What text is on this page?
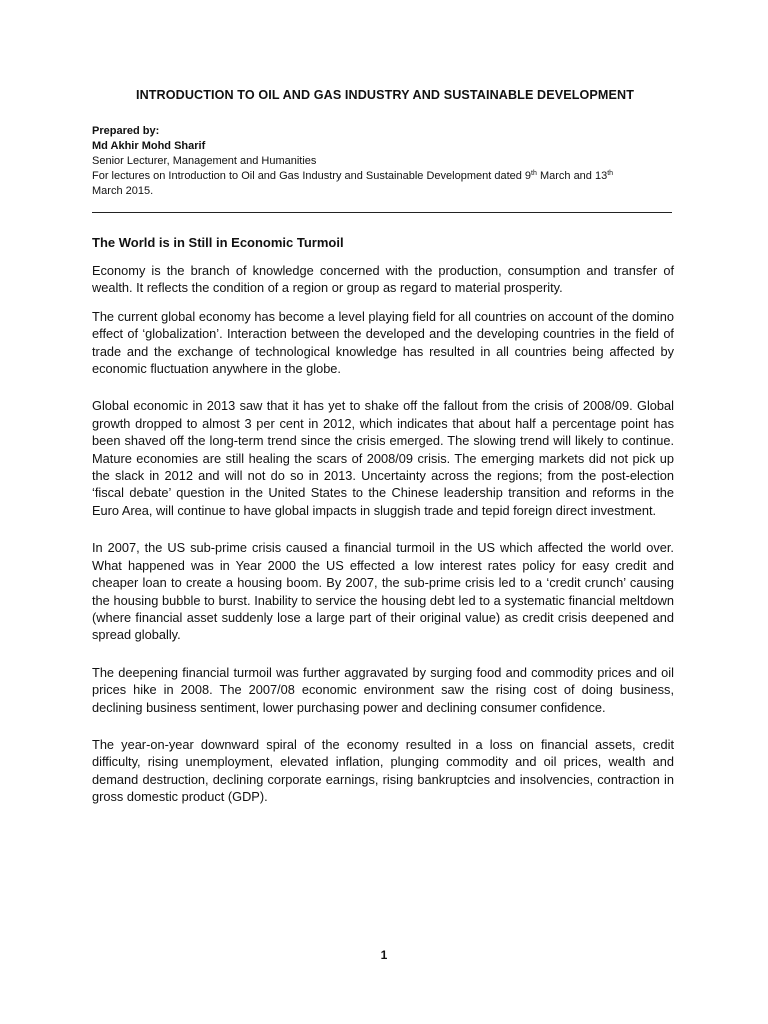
INTRODUCTION TO OIL AND GAS INDUSTRY AND SUSTAINABLE DEVELOPMENT
Prepared by:
Md Akhir Mohd Sharif
Senior Lecturer, Management and Humanities
For lectures on Introduction to Oil and Gas Industry and Sustainable Development dated 9th March and 13th
March 2015.
The World is in Still in Economic Turmoil

Economy is the branch of knowledge concerned with the production, consumption and transfer of wealth. It reflects the condition of a region or group as regard to material prosperity.

The current global economy has become a level playing field for all countries on account of the domino effect of ‘globalization’. Interaction between the developed and the developing countries in the field of trade and the exchange of technological knowledge has resulted in all countries being affected by economic fluctuation anywhere in the globe.

Global economic in 2013 saw that it has yet to shake off the fallout from the crisis of 2008/09. Global growth dropped to almost 3 per cent in 2012, which indicates that about half a percentage point has been shaved off the long-term trend since the crisis emerged. The slowing trend will likely to continue. Mature economies are still healing the scars of 2008/09 crisis. The emerging markets did not pick up the slack in 2012 and will not do so in 2013. Uncertainty across the regions; from the post-election ‘fiscal debate’ question in the United States to the Chinese leadership transition and reforms in the Euro Area, will continue to have global impacts in sluggish trade and tepid foreign direct investment.

In 2007, the US sub-prime crisis caused a financial turmoil in the US which affected the world over. What happened was in Year 2000 the US effected a low interest rates policy for easy credit and cheaper loan to create a housing boom. By 2007, the sub-prime crisis led to a ‘credit crunch’ causing the housing bubble to burst. Inability to service the housing debt led to a systematic financial meltdown (where financial asset suddenly lose a large part of their original value) as credit crisis deepened and spread globally.

The deepening financial turmoil was further aggravated by surging food and commodity prices and oil prices hike in 2008. The 2007/08 economic environment saw the rising cost of doing business, declining business sentiment, lower purchasing power and declining consumer confidence.

The year-on-year downward spiral of the economy resulted in a loss on financial assets, credit difficulty, rising unemployment, elevated inflation, plunging commodity and oil prices, wealth and demand destruction, declining corporate earnings, rising bankruptcies and insolvencies, contraction in gross domestic product (GDP).

1
